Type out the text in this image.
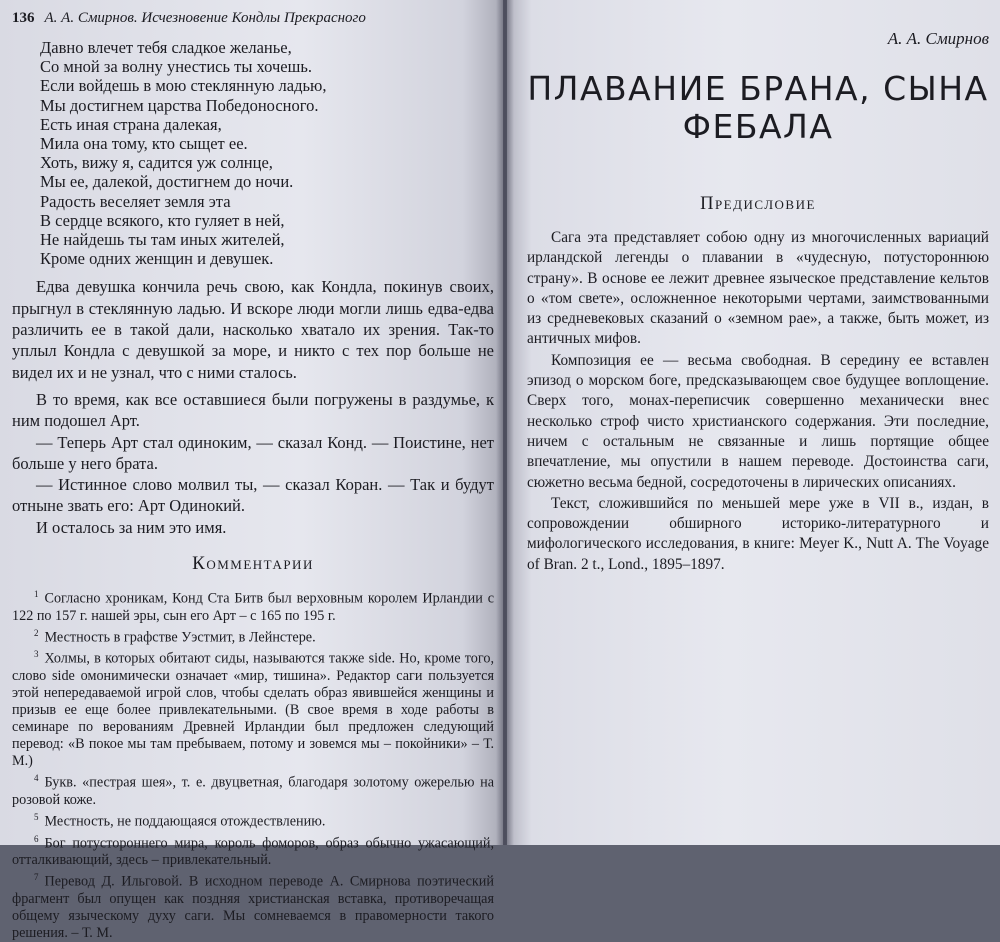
136 А. А. Смирнов. Исчезновение Кондлы Прекрасного
Давно влечет тебя сладкое желанье,
Со мной за волну унестись ты хочешь.
Если войдешь в мою стеклянную ладью,
Мы достигнем царства Победоносного.
Есть иная страна далекая,
Мила она тому, кто сыщет ее.
Хоть, вижу я, садится уж солнце,
Мы ее, далекой, достигнем до ночи.
Радость веселяет земля эта
В сердце всякого, кто гуляет в ней,
Не найдешь ты там иных жителей,
Кроме одних женщин и девушек.

Едва девушка кончила речь свою, как Кондла, покинув своих, прыгнул в стеклянную ладью. И вскоре люди могли лишь едва-едва различить ее в такой дали, насколько хватало их зрения. Так-то уплыл Кондла с девушкой за море, и никто с тех пор больше не видел их и не узнал, что с ними сталось.

В то время, как все оставшиеся были погружены в раздумье, к ним подошел Арт.

— Теперь Арт стал одиноким, — сказал Конд. — Поистине, нет больше у него брата.

— Истинное слово молвил ты, — сказал Коран. — Так и будут отныне звать его: Арт Одинокий.

И осталось за ним это имя.

Комментарии

$^1$ Согласно хроникам, Конд Ста Битв был верховным королем Ирландии с 122 по 157 г. нашей эры, сын его Арт – с 165 по 195 г.

$^2$ Местность в графстве Уэстмит, в Лейнстере.

$^3$ Холмы, в которых обитают сиды, называются также side. Но, кроме того, слово side омонимически означает «мир, тишина». Редактор саги пользуется этой непередаваемой игрой слов, чтобы сделать образ явившейся женщины и призыв ее еще более привлекательными. (В свое время в ходе работы в семинаре по верованиям Древней Ирландии был предложен следующий перевод: «В покое мы там пребываем, потому и зовемся мы – покойники» – Т. М.)

$^4$ Букв. «пестрая шея», т. е. двуцветная, благодаря золотому ожерелью на розовой коже.

$^5$ Местность, не поддающаяся отождествлению.

$^6$ Бог потустороннего мира, король фоморов, образ обычно ужасающий, отталкивающий, здесь – привлекательный.

$^7$ Перевод Д. Ильговой. В исходном переводе А. Смирнова поэтический фрагмент был опущен как поздняя христианская вставка, противоречащая общему языческому духу саги. Мы сомневаемся в правомерности такого решения. – Т. М.

А. А. Смирнов
ПЛАВАНИЕ БРАНА, СЫНА ФЕБАЛА
Предисловие

Сага эта представляет собою одну из многочисленных вариаций ирландской легенды о плавании в «чудесную, потустороннюю страну». В основе ее лежит древнее языческое представление кельтов о «том свете», осложненное некоторыми чертами, заимствованными из средневековых сказаний о «земном рае», а также, быть может, из античных мифов.

Композиция ее — весьма свободная. В середину ее вставлен эпизод о морском боге, предсказывающем свое будущее воплощение. Сверх того, монах-переписчик совершенно механически внес несколько строф чисто христианского содержания. Эти последние, ничем с остальным не связанные и лишь портящие общее впечатление, мы опустили в нашем переводе. Достоинства саги, сюжетно весьма бедной, сосредоточены в лирических описаниях.

Текст, сложившийся по меньшей мере уже в VII в., издан, в сопровождении обширного историко-литературного и мифологического исследования, в книге: Meyer K., Nutt A. The Voyage of Bran. 2 t., Lond., 1895–1897.
